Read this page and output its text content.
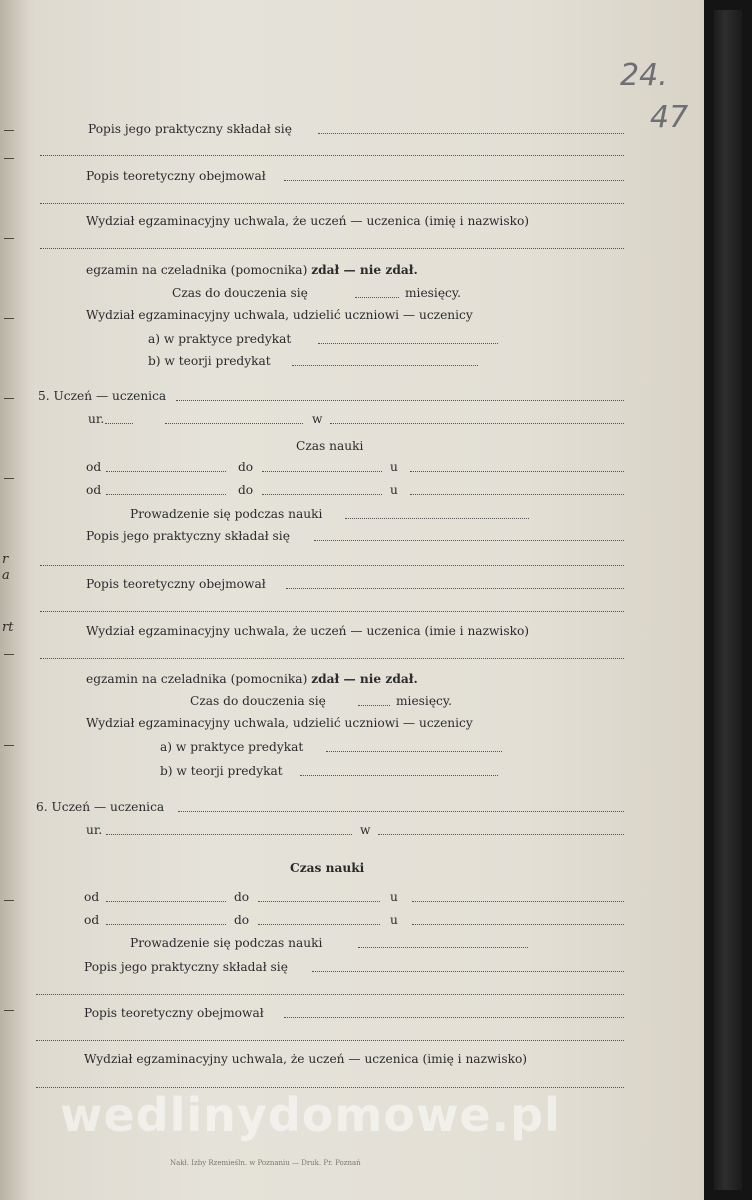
r
a
rt
24.
47
Popis jego praktyczny składał się
Popis teoretyczny obejmował
Wydział egzaminacyjny uchwala, że uczeń — uczenica (imię i nazwisko)
egzamin na czeladnika (pomocnika) zdał — nie zdał.
Czas do douczenia się	miesięcy.
Wydział egzaminacyjny uchwala, udzielić uczniowi — uczenicy
a) w praktyce predykat
b) w teorji predykat
5. Uczeń — uczenica
ur.	w
Czas nauki
od	do	u
od	do	u
Prowadzenie się podczas nauki
Popis jego praktyczny składał się
Popis teoretyczny obejmował
Wydział egzaminacyjny uchwala, że uczeń — uczenica (imie i nazwisko)
egzamin na czeladnika (pomocnika) zdał — nie zdał.
Czas do douczenia się	miesięcy.
Wydział egzaminacyjny uchwala, udzielić uczniowi — uczenicy
a) w praktyce predykat
b) w teorji predykat
6. Uczeń — uczenica
ur.	w
Czas nauki
od	do	u
od	do	u
Prowadzenie się podczas nauki
Popis jego praktyczny składał się
Popis teoretyczny obejmował
Wydział egzaminacyjny uchwala, że uczeń — uczenica (imię i nazwisko)
wedlinydomowe.pl
Nakł. Izby Rzemieśln. w Poznaniu — Druk. Pr. Poznań
